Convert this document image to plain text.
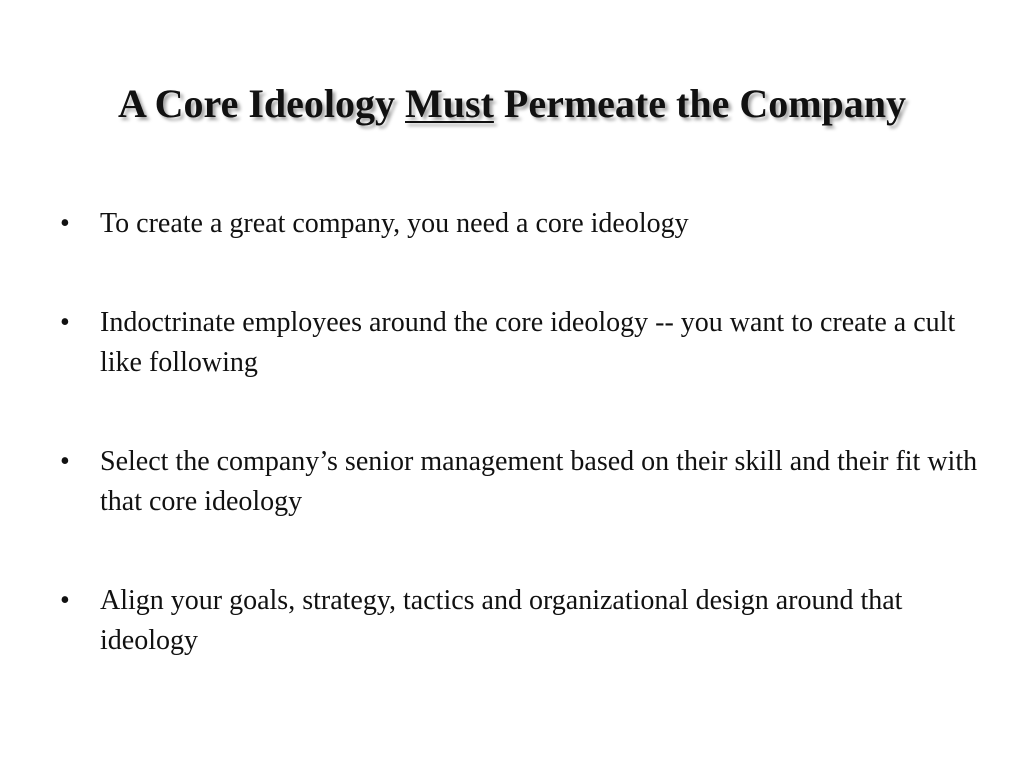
A Core Ideology Must Permeate the Company
•	To create a great company, you need a core ideology
•	Indoctrinate employees around the core ideology -- you want to create a cult like following
•	Select the company’s senior management based on their skill and their fit with that core ideology
•	Align your goals, strategy, tactics and organizational design around that ideology
